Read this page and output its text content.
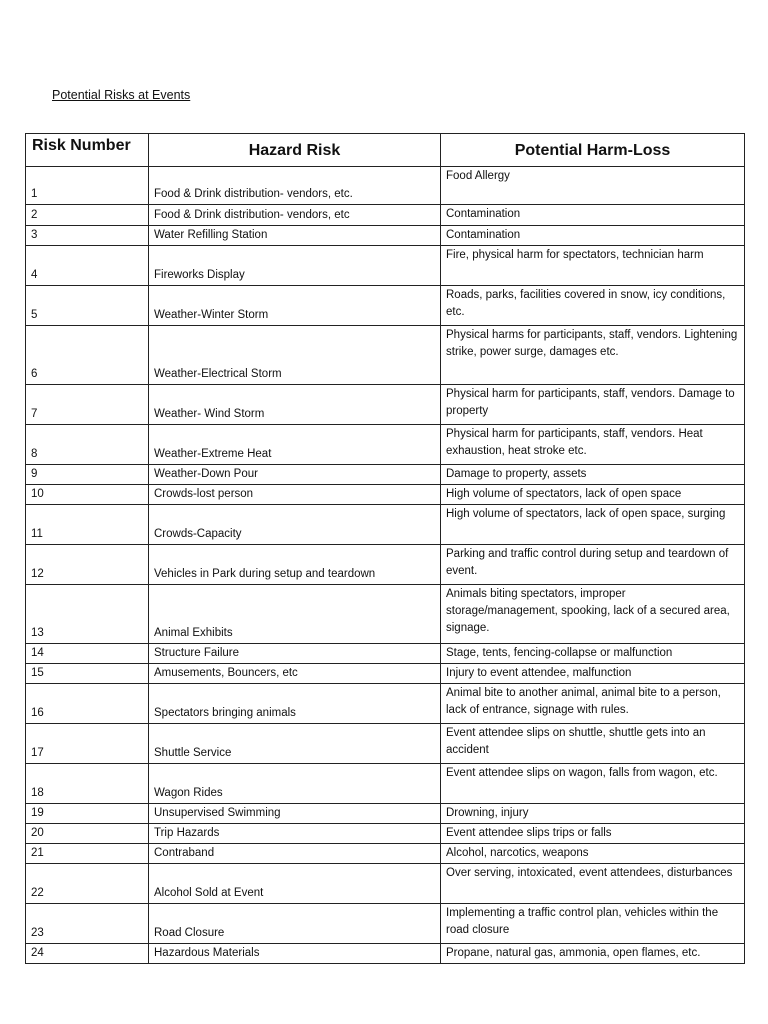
Potential Risks at Events
Risk Number	Hazard Risk	Potential Harm-Loss
1	Food & Drink distribution- vendors, etc.	Food Allergy
2	Food & Drink distribution- vendors, etc	Contamination
3	Water Refilling Station	Contamination
4	Fireworks Display	Fire, physical harm for spectators, technician harm
5	Weather-Winter Storm	Roads, parks, facilities covered in snow, icy conditions, etc.
6	Weather-Electrical Storm	Physical harms for participants, staff, vendors. Lightening strike, power surge, damages etc.
7	Weather- Wind Storm	Physical harm for participants, staff, vendors. Damage to property
8	Weather-Extreme Heat	Physical harm for participants, staff, vendors. Heat exhaustion, heat stroke etc.
9	Weather-Down Pour	Damage to property, assets
10	Crowds-lost person	High volume of spectators, lack of open space
11	Crowds-Capacity	High volume of spectators, lack of open space, surging
12	Vehicles in Park during setup and teardown	Parking and traffic control during setup and teardown of event.
13	Animal Exhibits	Animals biting spectators, improper storage/management, spooking, lack of a secured area, signage.
14	Structure Failure	Stage, tents, fencing-collapse or malfunction
15	Amusements, Bouncers, etc	Injury to event attendee, malfunction
16	Spectators bringing animals	Animal bite to another animal, animal bite to a person, lack of entrance, signage with rules.
17	Shuttle Service	Event attendee slips on shuttle, shuttle gets into an accident
18	Wagon Rides	Event attendee slips on wagon, falls from wagon, etc.
19	Unsupervised Swimming	Drowning, injury
20	Trip Hazards	Event attendee slips trips or falls
21	Contraband	Alcohol, narcotics, weapons
22	Alcohol Sold at Event	Over serving, intoxicated, event attendees, disturbances
23	Road Closure	Implementing a traffic control plan, vehicles within the road closure
24	Hazardous Materials	Propane, natural gas, ammonia, open flames, etc.
